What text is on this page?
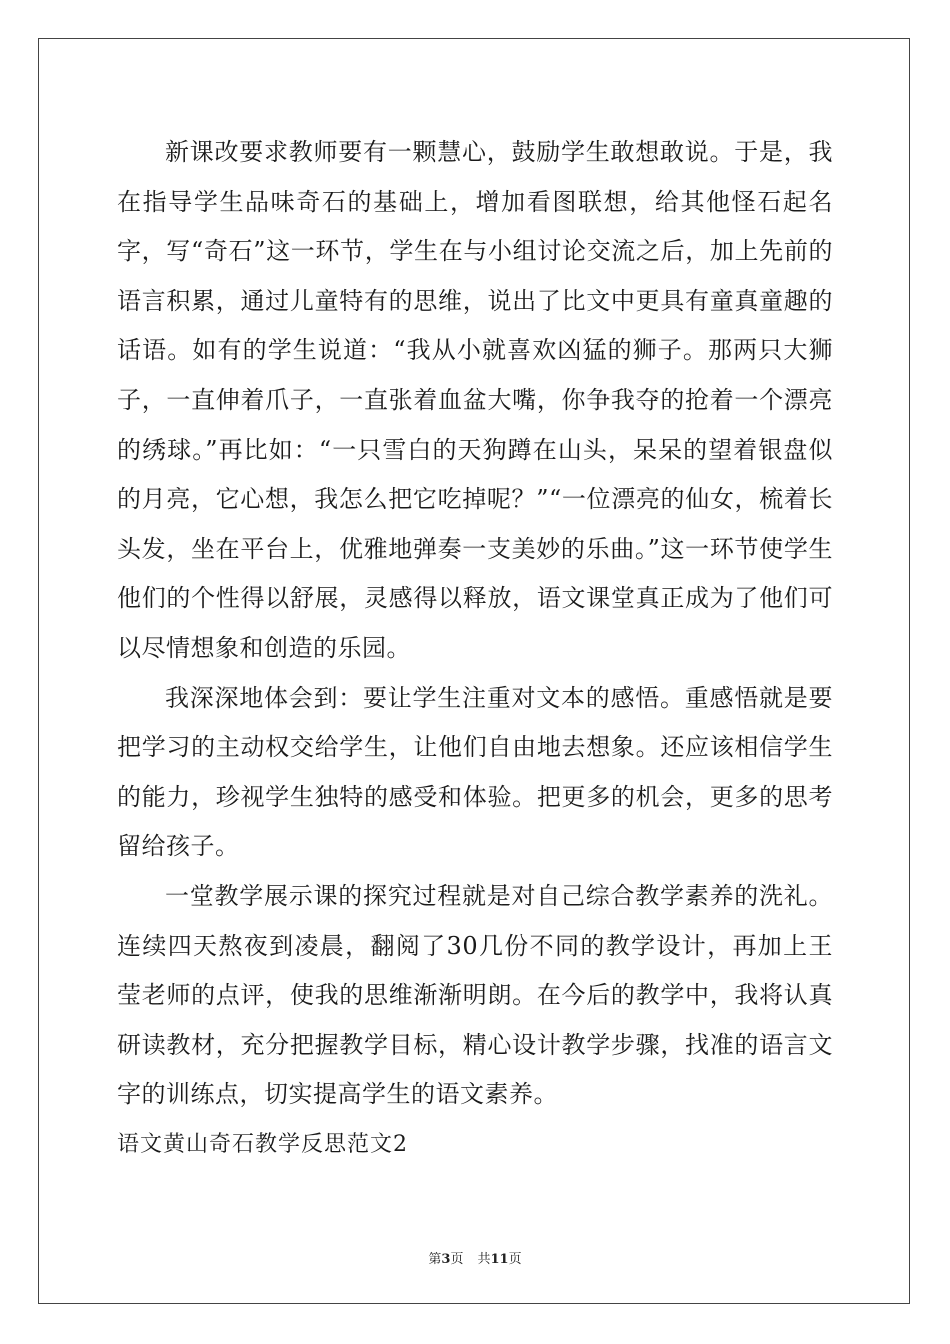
新课改要求教师要有一颗慧心，鼓励学生敢想敢说。于是，我在指导学生品味奇石的基础上，增加看图联想，给其他怪石起名字，写“奇石”这一环节，学生在与小组讨论交流之后，加上先前的语言积累，通过儿童特有的思维，说出了比文中更具有童真童趣的话语。如有的学生说道：“我从小就喜欢凶猛的狮子。那两只大狮子，一直伸着爪子，一直张着血盆大嘴，你争我夺的抢着一个漂亮的绣球。”再比如：“一只雪白的天狗蹲在山头，呆呆的望着银盘似的月亮，它心想，我怎么把它吃掉呢？”“一位漂亮的仙女，梳着长头发，坐在平台上，优雅地弹奏一支美妙的乐曲。”这一环节使学生他们的个性得以舒展，灵感得以释放，语文课堂真正成为了他们可以尽情想象和创造的乐园。

我深深地体会到：要让学生注重对文本的感悟。重感悟就是要把学习的主动权交给学生，让他们自由地去想象。还应该相信学生的能力，珍视学生独特的感受和体验。把更多的机会，更多的思考留给孩子。

一堂教学展示课的探究过程就是对自己综合教学素养的洗礼。连续四天熬夜到凌晨，翻阅了30几份不同的教学设计，再加上王莹老师的点评，使我的思维渐渐明朗。在今后的教学中，我将认真研读教材，充分把握教学目标，精心设计教学步骤，找准的语言文字的训练点，切实提高学生的语文素养。

语文黄山奇石教学反思范文2

第3页 共11页
